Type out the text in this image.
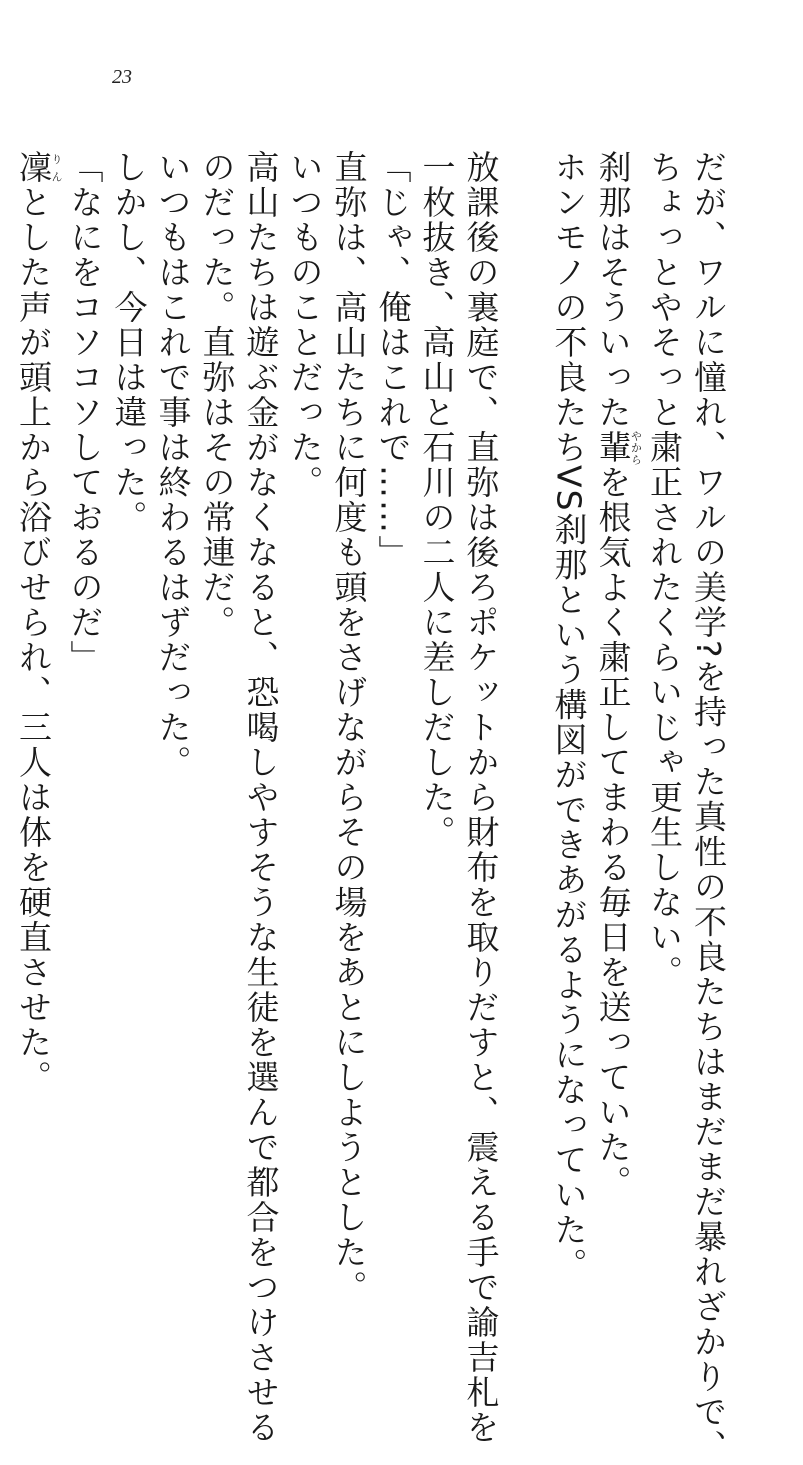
23
だが、ワルに憧れ、ワルの美学?を持った真性の不良たちはまだまだ暴れざかりで、
ちょっとやそっと粛正されたくらいじゃ更生しない。
刹那はそういった輩やからを根気よく粛正してまわる毎日を送っていた。
ホンモノの不良たちVS刹那という構図ができあがるようになっていた。
放課後の裏庭で、直弥は後ろポケットから財布を取りだすと、震える手で諭吉札を
一枚抜き、高山と石川の二人に差しだした。
「じゃ、俺はこれで……」
直弥は、高山たちに何度も頭をさげながらその場をあとにしようとした。
いつものことだった。
高山たちは遊ぶ金がなくなると、恐喝しやすそうな生徒を選んで都合をつけさせる
のだった。直弥はその常連だ。
いつもはこれで事は終わるはずだった。
しかし、今日は違った。
「なにをコソコソしておるのだ」
凜りんとした声が頭上から浴びせられ、三人は体を硬直させた。
